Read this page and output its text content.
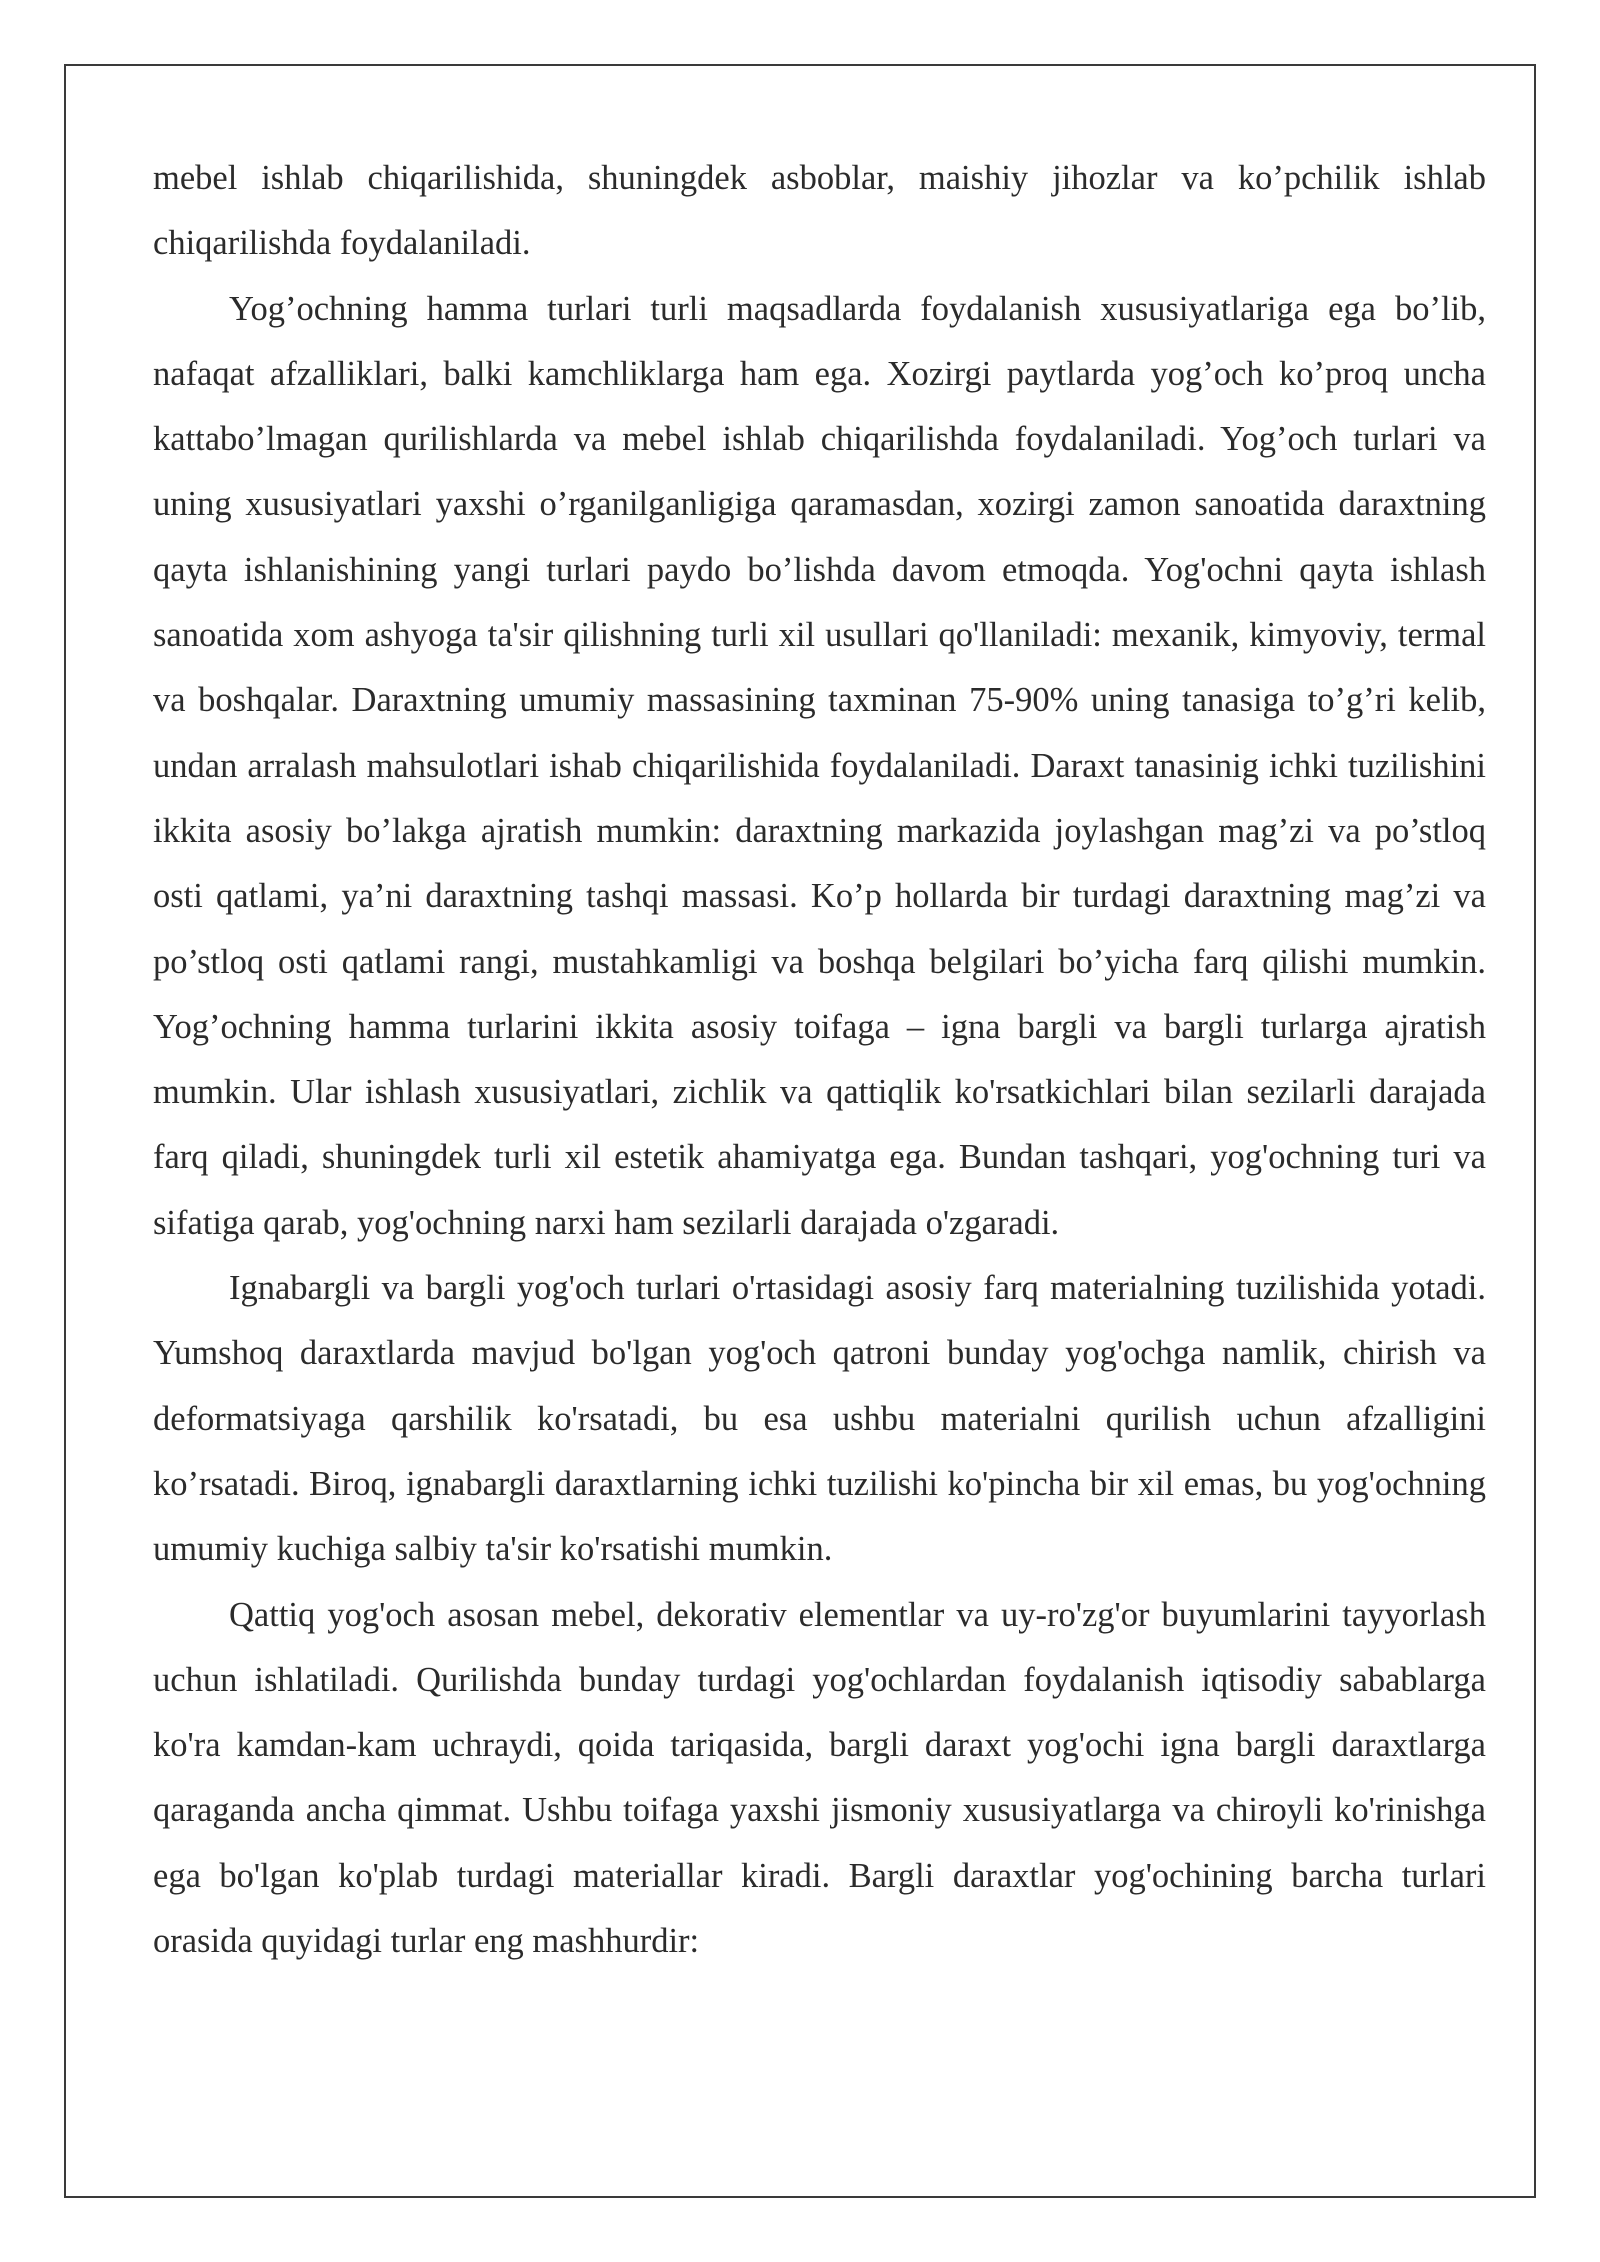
mebel ishlab chiqarilishida, shuningdek asboblar, maishiy jihozlar va ko’pchilik ishlab chiqarilishda foydalaniladi.

Yog’ochning hamma turlari turli maqsadlarda foydalanish xususiyatlariga ega bo’lib, nafaqat afzalliklari, balki kamchliklarga ham ega. Xozirgi paytlarda yog’och ko’proq uncha kattabo’lmagan qurilishlarda va mebel ishlab chiqarilishda foydalaniladi. Yog’och turlari va uning xususiyatlari yaxshi o’rganilganligiga qaramasdan, xozirgi zamon sanoatida daraxtning qayta ishlanishining yangi turlari paydo bo’lishda davom etmoqda. Yog'ochni qayta ishlash sanoatida xom ashyoga ta'sir qilishning turli xil usullari qo'llaniladi: mexanik, kimyoviy, termal va boshqalar. Daraxtning umumiy massasining taxminan 75-90% uning tanasiga to’g’ri kelib, undan arralash mahsulotlari ishab chiqarilishida foydalaniladi. Daraxt tanasinig ichki tuzilishini ikkita asosiy bo’lakga ajratish mumkin: daraxtning markazida joylashgan mag’zi va po’stloq osti qatlami, ya’ni daraxtning tashqi massasi. Ko’p hollarda bir turdagi daraxtning mag’zi va po’stloq osti qatlami rangi, mustahkamligi va boshqa belgilari bo’yicha farq qilishi mumkin. Yog’ochning hamma turlarini ikkita asosiy toifaga – igna bargli va bargli turlarga ajratish mumkin. Ular ishlash xususiyatlari, zichlik va qattiqlik ko'rsatkichlari bilan sezilarli darajada farq qiladi, shuningdek turli xil estetik ahamiyatga ega. Bundan tashqari, yog'ochning turi va sifatiga qarab, yog'ochning narxi ham sezilarli darajada o'zgaradi.

Ignabargli va bargli yog'och turlari o'rtasidagi asosiy farq materialning tuzilishida yotadi. Yumshoq daraxtlarda mavjud bo'lgan yog'och qatroni bunday yog'ochga namlik, chirish va deformatsiyaga qarshilik ko'rsatadi, bu esa ushbu materialni qurilish uchun afzalligini ko’rsatadi. Biroq, ignabargli daraxtlarning ichki tuzilishi ko'pincha bir xil emas, bu yog'ochning umumiy kuchiga salbiy ta'sir ko'rsatishi mumkin.

Qattiq yog'och asosan mebel, dekorativ elementlar va uy-ro'zg'or buyumlarini tayyorlash uchun ishlatiladi. Qurilishda bunday turdagi yog'ochlardan foydalanish iqtisodiy sabablarga ko'ra kamdan-kam uchraydi, qoida tariqasida, bargli daraxt yog'ochi igna bargli daraxtlarga qaraganda ancha qimmat. Ushbu toifaga yaxshi jismoniy xususiyatlarga va chiroyli ko'rinishga ega bo'lgan ko'plab turdagi materiallar kiradi. Bargli daraxtlar yog'ochining barcha turlari orasida quyidagi turlar eng mashhurdir:
